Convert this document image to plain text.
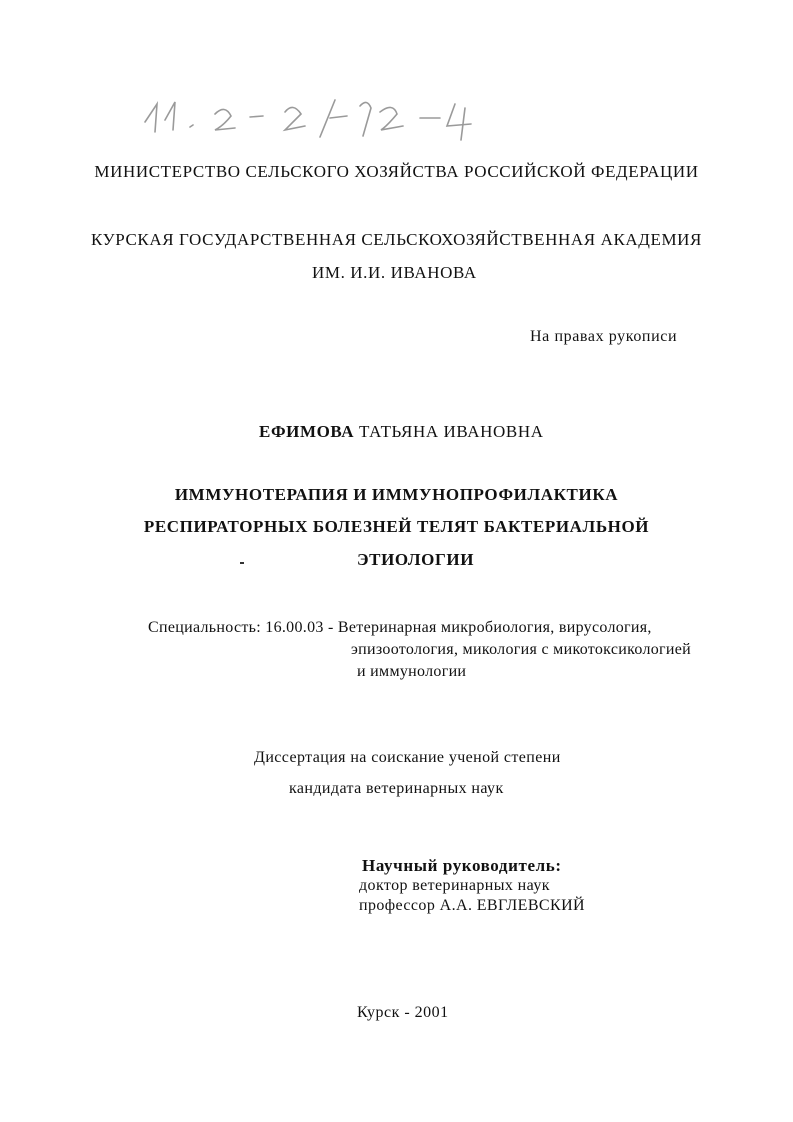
МИНИСТЕРСТВО СЕЛЬСКОГО ХОЗЯЙСТВА РОССИЙСКОЙ ФЕДЕРАЦИИ
КУРСКАЯ ГОСУДАРСТВЕННАЯ СЕЛЬСКОХОЗЯЙСТВЕННАЯ АКАДЕМИЯ
ИМ. И.И. ИВАНОВА
На правах рукописи
ЕФИМОВА ТАТЬЯНА ИВАНОВНА
ИММУНОТЕРАПИЯ И ИММУНОПРОФИЛАКТИКА
РЕСПИРАТОРНЫХ БОЛЕЗНЕЙ ТЕЛЯТ БАКТЕРИАЛЬНОЙ
ЭТИОЛОГИИ
Специальность: 16.00.03 - Ветеринарная микробиология, вирусология,
эпизоотология, микология с микотоксикологией
и иммунологии
Диссертация на соискание ученой степени
кандидата ветеринарных наук
Научный руководитель:
доктор ветеринарных наук
профессор А.А. ЕВГЛЕВСКИЙ
Курск - 2001
